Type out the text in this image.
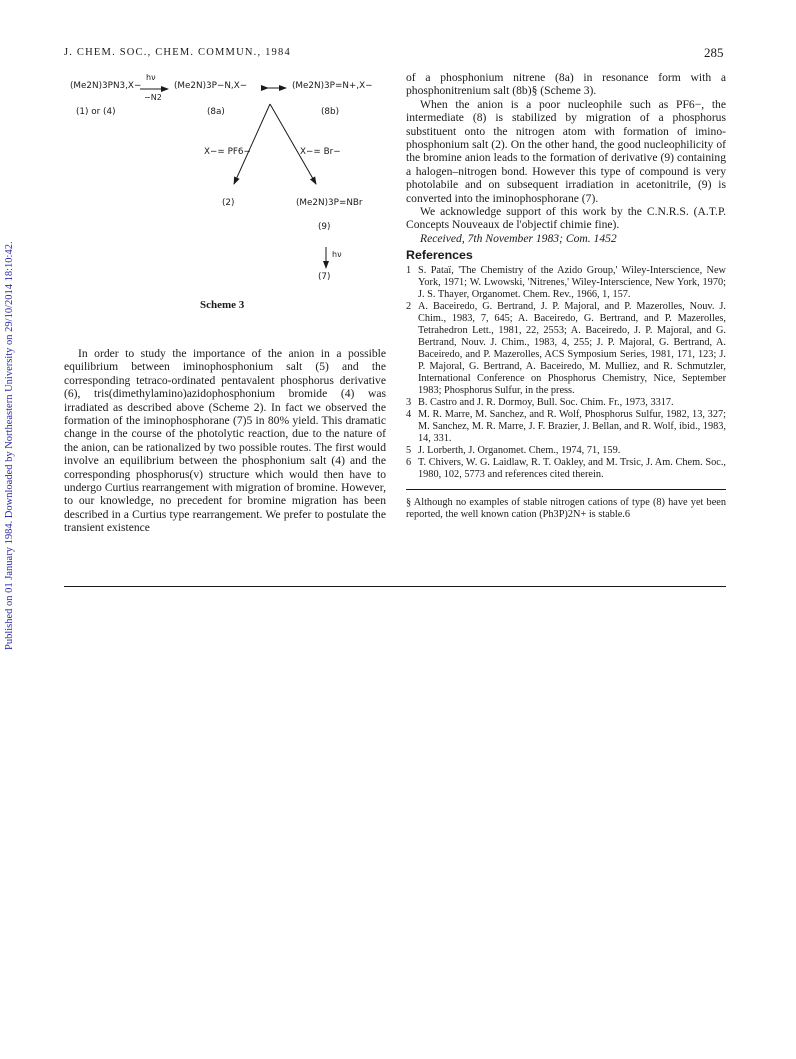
Published on 01 January 1984. Downloaded by Northeastern University on 29/10/2014 18:10:42.
J. CHEM. SOC., CHEM. COMMUN., 1984	285
(Me2N)3PN3,X−
hν
−N2
(Me2N)3P−N,X−	(Me2N)3P=N+,X−
(1) or (4)	(8a)	(8b)
X−= PF6−	X−= Br−
(2)	(Me2N)3P=NBr
(9)
hν
(7)
Scheme 3

In order to study the importance of the anion in a possible equilibrium between iminophosphonium salt (5) and the corresponding tetraco-ordinated pentavalent phosphorus derivative (6), tris(dimethylamino)azidophosphonium bromide (4) was irradiated as described above (Scheme 2). In fact we observed the formation of the iminophosphorane (7)5 in 80% yield. This dramatic change in the course of the photolytic reaction, due to the nature of the anion, can be rationalized by two possible routes. The first would involve an equilibrium between the phosphonium salt (4) and the corresponding phosphorus(v) structure which would then have to undergo Curtius rearrangement with migration of bromine. However, to our knowledge, no precedent for bromine migration has been described in a Curtius type rearrangement. We prefer to postulate the transient existence

of a phosphonium nitrene (8a) in resonance form with a phosphonitrenium salt (8b)§ (Scheme 3).

When the anion is a poor nucleophile such as PF6−, the intermediate (8) is stabilized by migration of a phosphorus substituent onto the nitrogen atom with formation of imino-phosphonium salt (2). On the other hand, the good nucleophilicity of the bromine anion leads to the formation of derivative (9) containing a halogen–nitrogen bond. However this type of compound is very photolabile and on subsequent irradiation in acetonitrile, (9) is converted into the iminophosphorane (7).

We acknowledge support of this work by the C.N.R.S. (A.T.P. Concepts Nouveaux de l'objectif chimie fine).

Received, 7th November 1983; Com. 1452

References

1 S. Pataï, 'The Chemistry of the Azido Group,' Wiley-Interscience, New York, 1971; W. Lwowski, 'Nitrenes,' Wiley-Interscience, New York, 1970; J. S. Thayer, Organomet. Chem. Rev., 1966, 1, 157.
2 A. Baceiredo, G. Bertrand, J. P. Majoral, and P. Mazerolles, Nouv. J. Chim., 1983, 7, 645; A. Baceiredo, G. Bertrand, and P. Mazerolles, Tetrahedron Lett., 1981, 22, 2553; A. Baceiredo, J. P. Majoral, and G. Bertrand, Nouv. J. Chim., 1983, 4, 255; J. P. Majoral, G. Bertrand, A. Baceiredo, and P. Mazerolles, ACS Symposium Series, 1981, 171, 123; J. P. Majoral, G. Bertrand, A. Baceiredo, M. Mulliez, and R. Schmutzler, International Conference on Phosphorus Chemistry, Nice, September 1983; Phosphorus Sulfur, in the press.
3 B. Castro and J. R. Dormoy, Bull. Soc. Chim. Fr., 1973, 3317.
4 M. R. Marre, M. Sanchez, and R. Wolf, Phosphorus Sulfur, 1982, 13, 327; M. Sanchez, M. R. Marre, J. F. Brazier, J. Bellan, and R. Wolf, ibid., 1983, 14, 331.
5 J. Lorberth, J. Organomet. Chem., 1974, 71, 159.
6 T. Chivers, W. G. Laidlaw, R. T. Oakley, and M. Trsic, J. Am. Chem. Soc., 1980, 102, 5773 and references cited therein.

§ Although no examples of stable nitrogen cations of type (8) have yet been reported, the well known cation (Ph3P)2N+ is stable.6
